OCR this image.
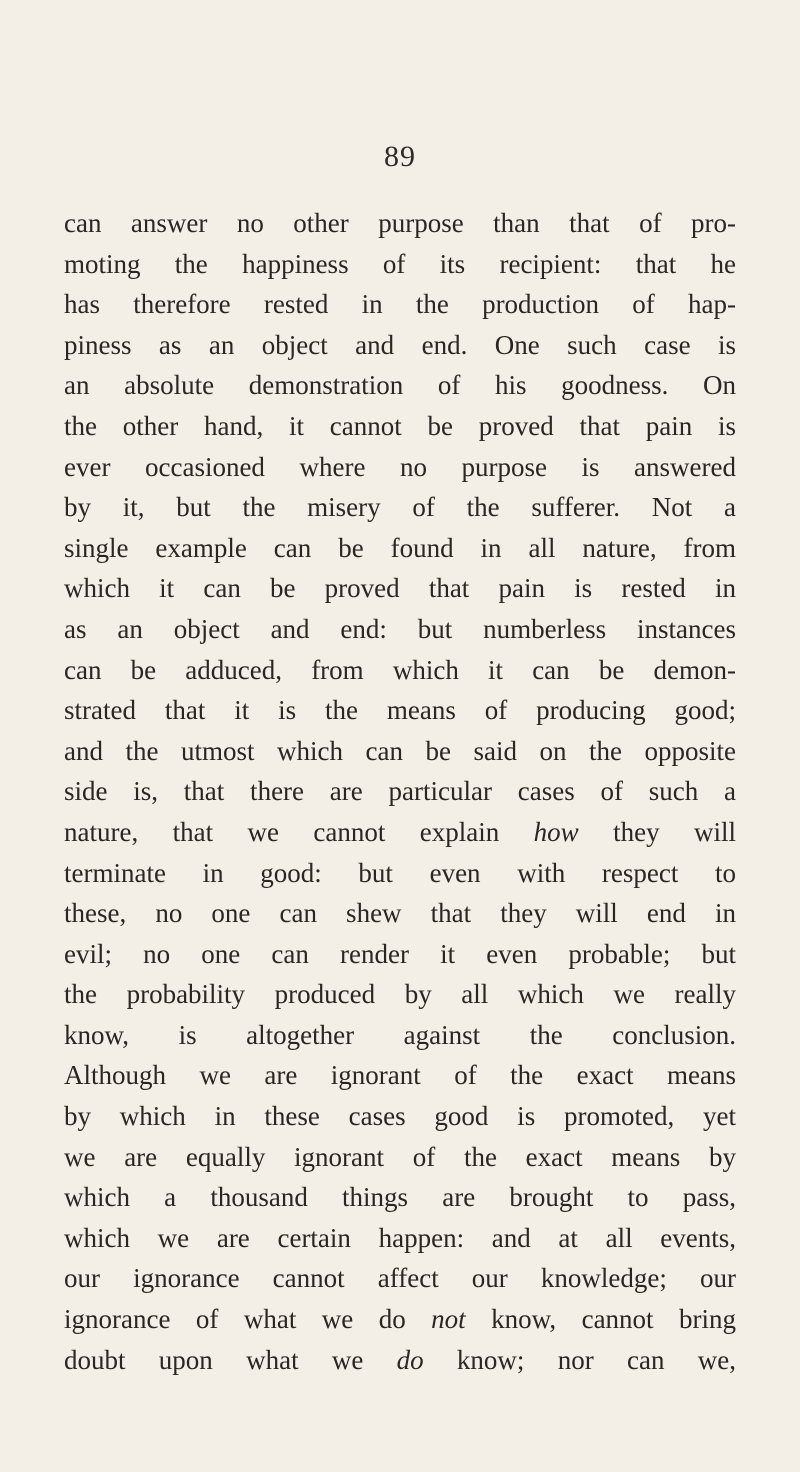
89
can answer no other purpose than that of pro-
moting the happiness of its recipient: that he
has therefore rested in the production of hap-
piness as an object and end. One such case is
an absolute demonstration of his goodness. On
the other hand, it cannot be proved that pain is
ever occasioned where no purpose is answered
by it, but the misery of the sufferer. Not a
single example can be found in all nature, from
which it can be proved that pain is rested in
as an object and end: but numberless instances
can be adduced, from which it can be demon-
strated that it is the means of producing good;
and the utmost which can be said on the opposite
side is, that there are particular cases of such a
nature, that we cannot explain how they will
terminate in good: but even with respect to
these, no one can shew that they will end in
evil; no one can render it even probable; but
the probability produced by all which we really
know, is altogether against the conclusion.
Although we are ignorant of the exact means
by which in these cases good is promoted, yet
we are equally ignorant of the exact means by
which a thousand things are brought to pass,
which we are certain happen: and at all events,
our ignorance cannot affect our knowledge; our
ignorance of what we do not know, cannot bring
doubt upon what we do know; nor can we,
